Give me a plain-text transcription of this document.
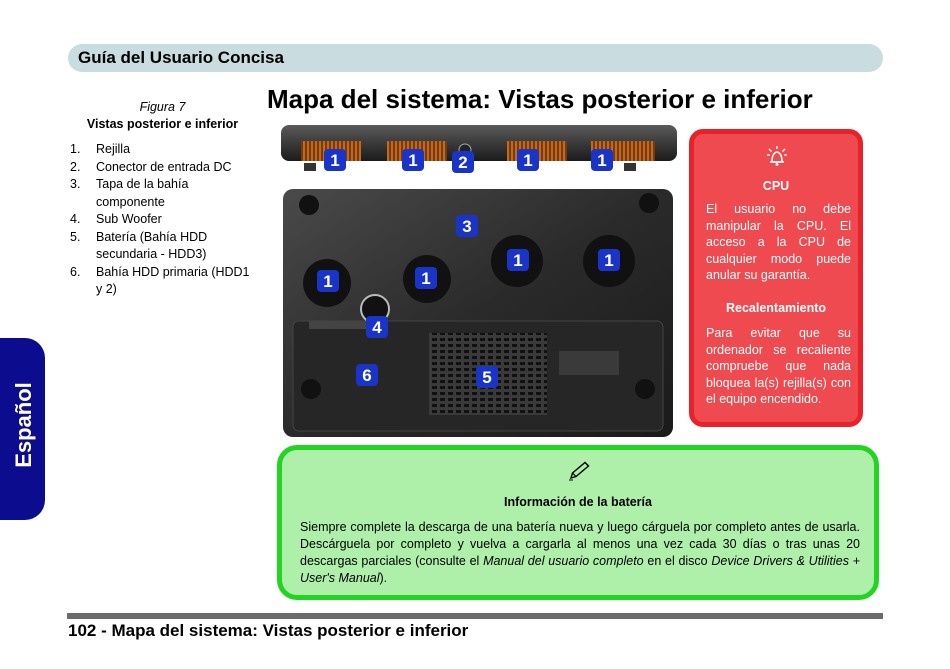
Guía del Usuario Concisa
Español
Mapa del sistema: Vistas posterior e inferior
Figura 7
Vistas posterior e inferior
1.	Rejilla
2.	Conector de entrada DC
3.	Tapa de la bahía componente
4.	Sub Woofer
5.	Batería (Bahía HDD secundaria - HDD3)
6.	Bahía HDD primaria (HDD1 y 2)
1	1 2	1	1
1	1
1	1
3
4
5
6
CPU
El usuario no debe manipular la CPU. El acceso a la CPU de cualquier modo puede anular su garantía.
Recalentamiento
Para evitar que su ordenador se recaliente compruebe que nada bloquea la(s) rejilla(s) con el equipo encendido.
Información de la batería
Siempre complete la descarga de una batería nueva y luego cárguela por completo antes de usarla. Descárguela por completo y vuelva a cargarla al menos una vez cada 30 días o tras unas 20 descargas parciales (consulte el Manual del usuario completo en el disco Device Drivers & Utilities + User's Manual).
102 - Mapa del sistema: Vistas posterior e inferior
